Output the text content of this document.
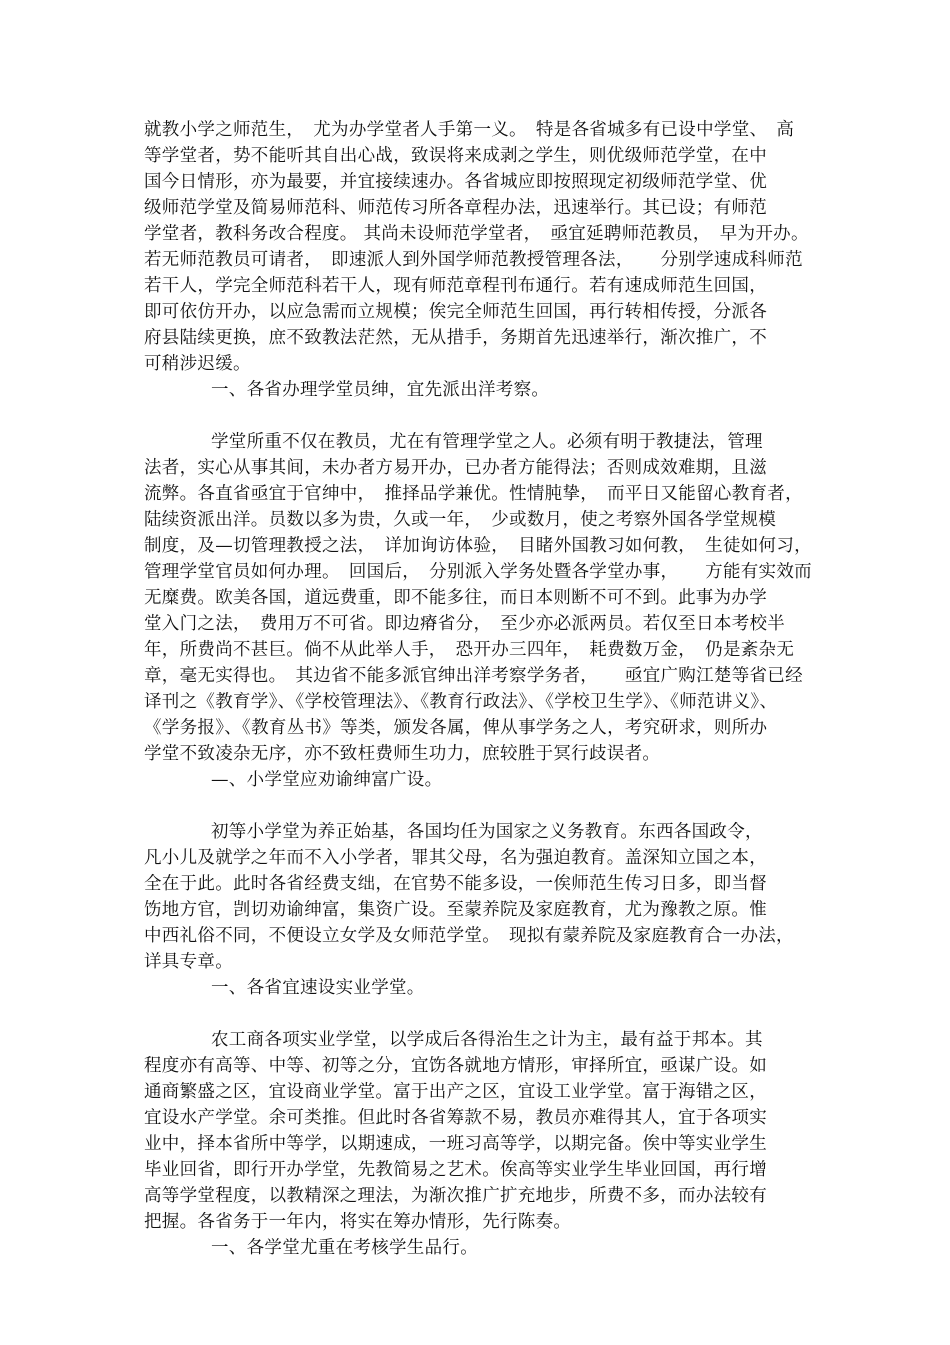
就教小学之师范生，　尤为办学堂者人手第一义。　特是各省城多有已设中学堂、　高
等学堂者，势不能听其自出心战，致误将来成剥之学生，则优级师范学堂，在中
国今日情形，亦为最要，并宜接续速办。各省城应即按照现定初级师范学堂、优
级师范学堂及简易师范科、师范传习所各章程办法，迅速举行。其已设；有师范
学堂者，教科务改合程度。 其尚未设师范学堂者，　亟宜延聘师范教员，　早为开办。
若无师范教员可请者，　即速派人到外国学师范教授管理各法，　　分别学速成科师范
若干人，学完全师范科若干人，现有师范章程刊布通行。若有速成师范生回国，
即可依仿开办，以应急需而立规模；俟完全师范生回国，再行转相传授，分派各
府县陆续更换，庶不致教法茫然，无从措手，务期首先迅速举行，渐次推广，不
可稍涉迟缓。
一、各省办理学堂员绅，宜先派出洋考察。
学堂所重不仅在教员，尤在有管理学堂之人。必须有明于教捷法，管理
法者，实心从事其间，未办者方易开办，已办者方能得法；否则成效难期，且滋
流弊。各直省亟宜于官绅中，　推择品学兼优。性情肫挚，　而平日又能留心教育者，
陆续资派出洋。员数以多为贵，久或一年，　少或数月，使之考察外国各学堂规模
制度，及—切管理教授之法，　详加询访体验，　目睹外国教习如何教，　生徒如何习，
管理学堂官员如何办理。　回国后，　分别派入学务处暨各学堂办事，　　方能有实效而
无糜费。欧美各国，道远费重，即不能多往，而日本则断不可不到。此事为办学
堂入门之法，　费用万不可省。即边瘠省分，　至少亦必派两员。若仅至日本考校半
年，所费尚不甚巨。倘不从此举人手，　恐开办三四年，　耗费数万金，　仍是紊杂无
章，毫无实得也。　其边省不能多派官绅出洋考察学务者，　　亟宜广购江楚等省已经
译刊之《教育学》、《学校管理法》、《教育行政法》、《学校卫生学》、《师范讲义》、
《学务报》、《教育丛书》等类，颁发各属，俾从事学务之人，考究研求，则所办
学堂不致凌杂无序，亦不致枉费师生功力，庶较胜于冥行歧误者。
—、小学堂应劝谕绅富广设。
初等小学堂为养正始基，各国均任为国家之义务教育。东西各国政令，
凡小儿及就学之年而不入小学者，罪其父母，名为强迫教育。盖深知立国之本，
全在于此。此时各省经费支绌，在官势不能多设，一俟师范生传习日多，即当督
饬地方官，剀切劝谕绅富，集资广设。至蒙养院及家庭教育，尤为豫教之原。惟
中西礼俗不同，不便设立女学及女师范学堂。　现拟有蒙养院及家庭教育合一办法，
详具专章。
一、各省宜速设实业学堂。
农工商各项实业学堂，以学成后各得治生之计为主，最有益于邦本。其
程度亦有高等、中等、初等之分，宜饬各就地方情形，审择所宜，亟谋广设。如
通商繁盛之区，宜设商业学堂。富于出产之区，宜设工业学堂。富于海错之区，
宜设水产学堂。余可类推。但此时各省筹款不易，教员亦难得其人，宜于各项实
业中，择本省所中等学，以期速成，一班习高等学，以期完备。俟中等实业学生
毕业回省，即行开办学堂，先教简易之艺术。俟高等实业学生毕业回国，再行增
高等学堂程度，以教精深之理法，为渐次推广扩充地步，所费不多，而办法较有
把握。各省务于一年内，将实在筹办情形，先行陈奏。
一、各学堂尤重在考核学生品行。
